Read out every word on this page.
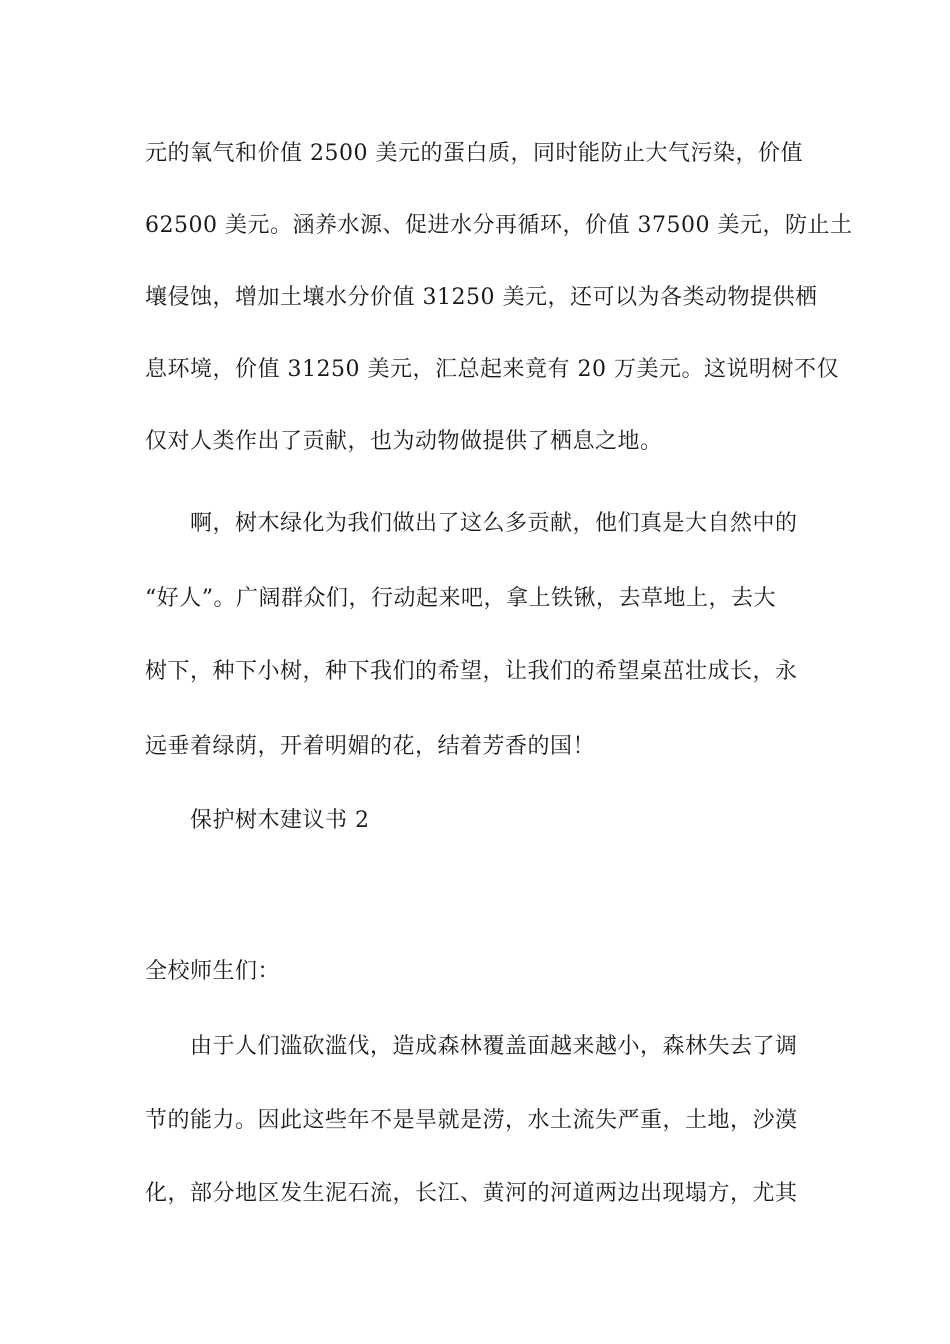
元的氧气和价值 2500 美元的蛋白质，同时能防止大气污染，价值
62500 美元。涵养水源、促进水分再循环，价值 37500 美元，防止土
壤侵蚀，增加土壤水分价值 31250 美元，还可以为各类动物提供栖
息环境，价值 31250 美元，汇总起来竟有 20 万美元。这说明树不仅
仅对人类作出了贡献，也为动物做提供了栖息之地。
啊，树木绿化为我们做出了这么多贡献，他们真是大自然中的
“好人”。广阔群众们，行动起来吧，拿上铁锹，去草地上，去大
树下，种下小树，种下我们的希望，让我们的希望桌茁壮成长，永
远垂着绿荫，开着明媚的花，结着芳香的国！
保护树木建议书 2
全校师生们：
由于人们滥砍滥伐，造成森林覆盖面越来越小，森林失去了调
节的能力。因此这些年不是旱就是涝，水土流失严重，土地，沙漠
化，部分地区发生泥石流，长江、黄河的河道两边出现塌方，尤其
